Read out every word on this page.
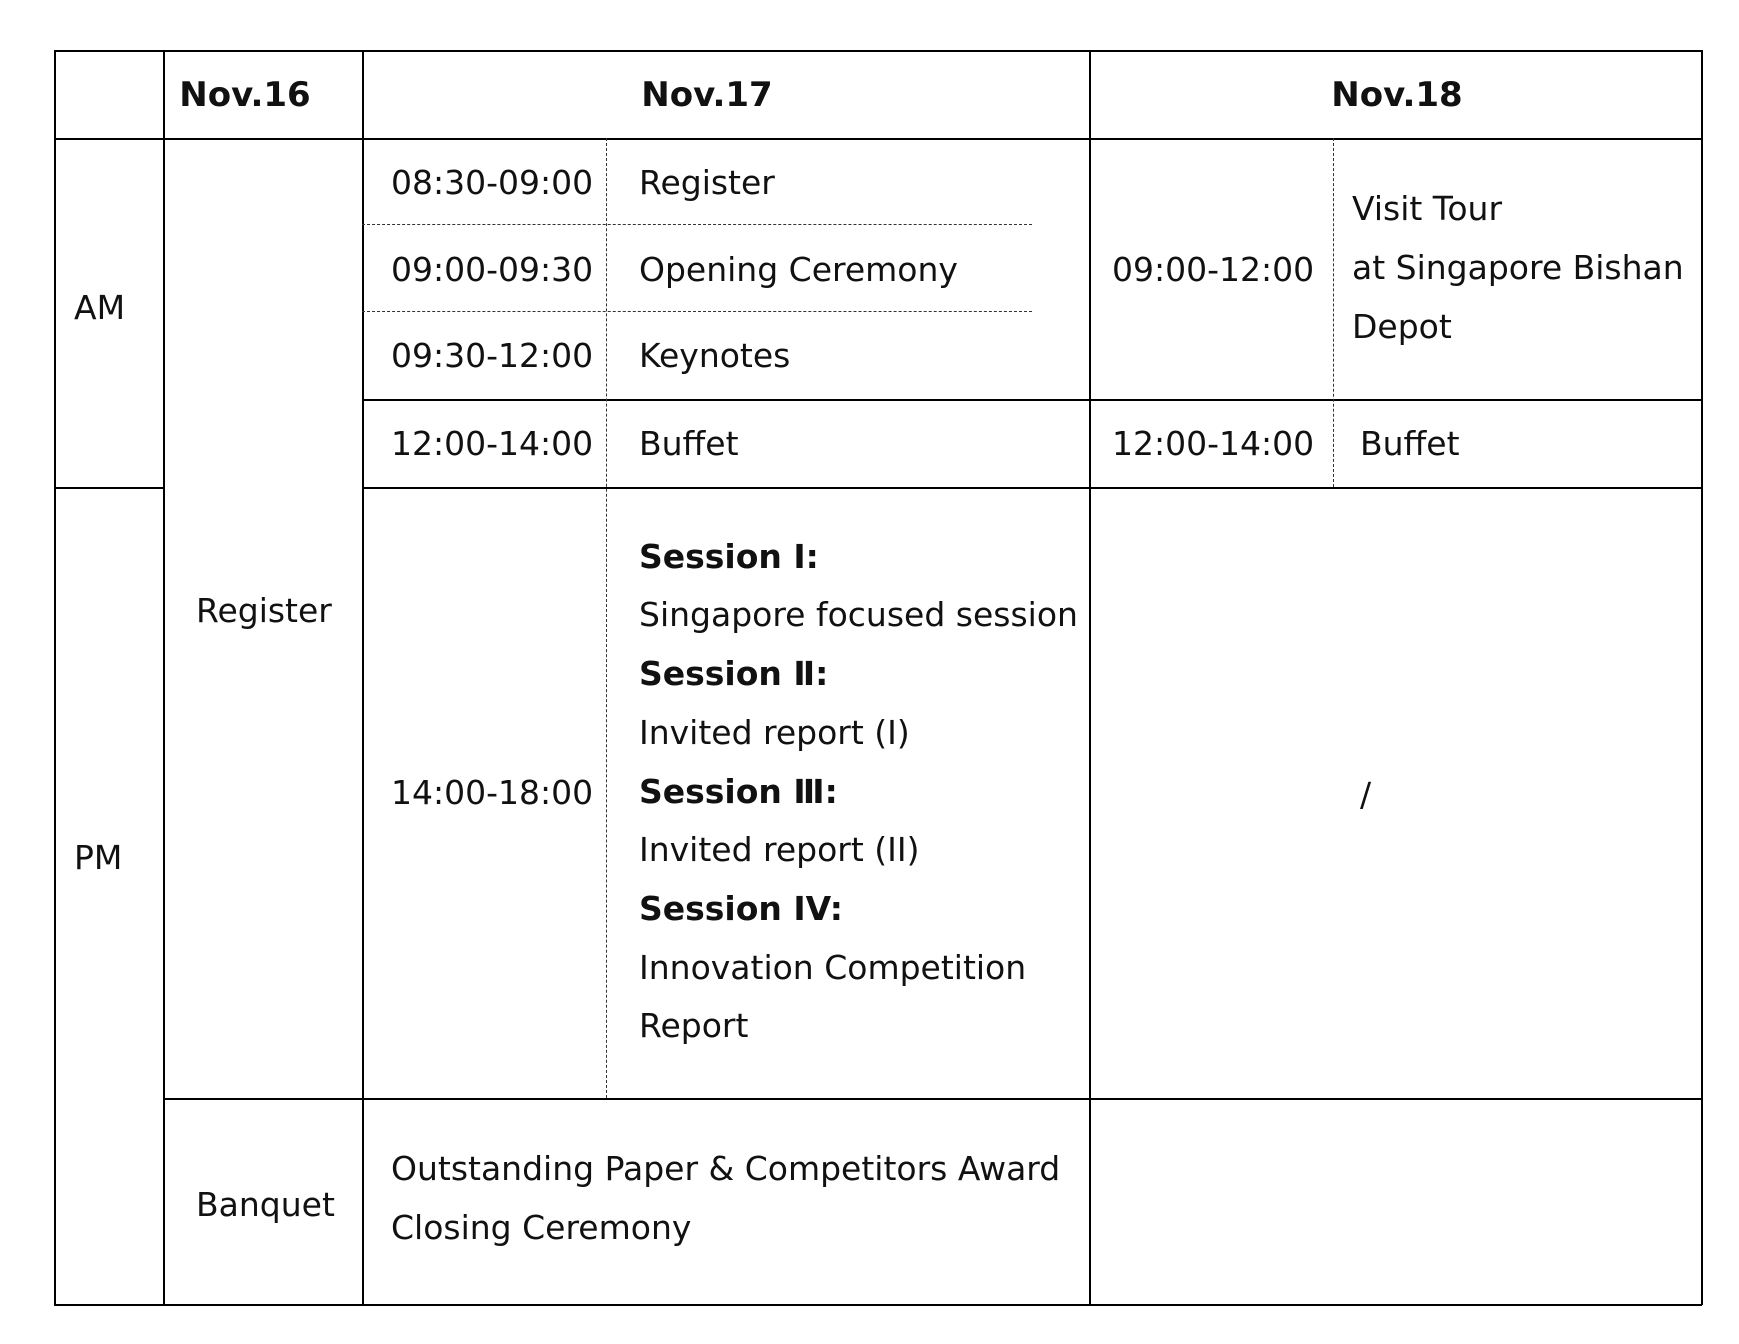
Nov.16	Nov.17	Nov.18
AM
PM
Register
Banquet
08:30-09:00 Register
09:00-09:30 Opening Ceremony
09:30-12:00 Keynotes
12:00-14:00 Buffet
14:00-18:00
Session Ⅰ:
Singapore focused session
Session Ⅱ:
Invited report (I)
Session Ⅲ:
Invited report (II)
Session IV:
Innovation Competition
Report
Outstanding Paper & Competitors Award
Closing Ceremony
09:00-12:00
Visit Tour
at Singapore Bishan
Depot
12:00-14:00 Buffet
/
